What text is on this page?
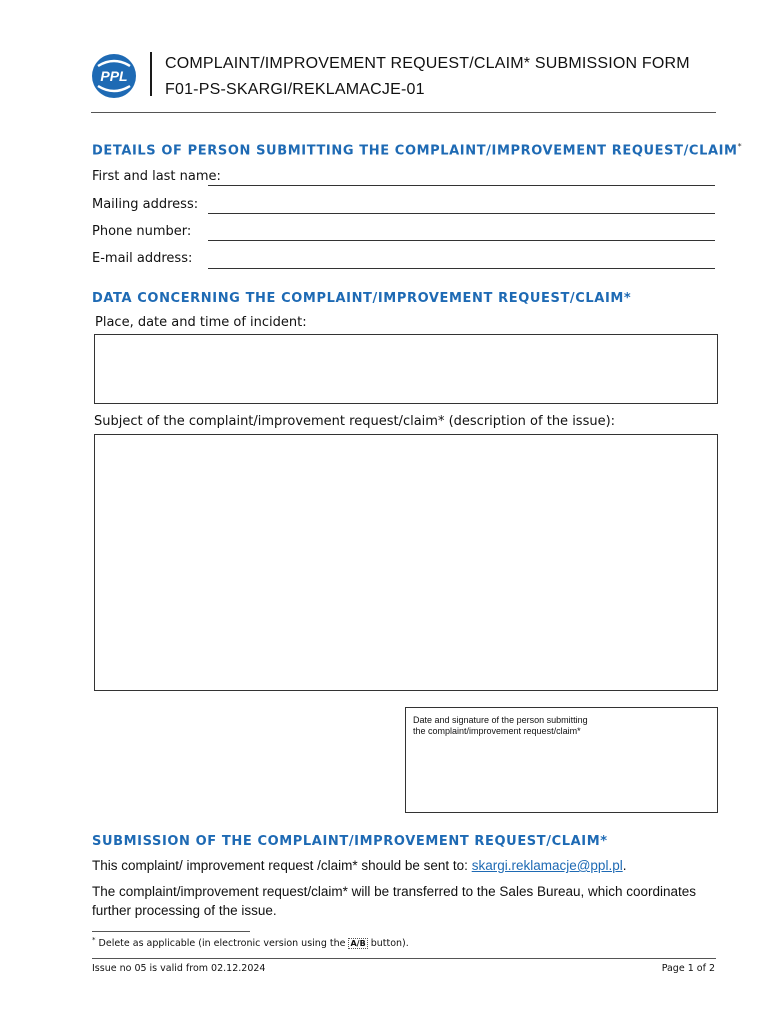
PPL
COMPLAINT/IMPROVEMENT REQUEST/CLAIM* SUBMISSION FORM
F01-PS-SKARGI/REKLAMACJE-01
DETAILS OF PERSON SUBMITTING THE COMPLAINT/IMPROVEMENT REQUEST/CLAIM*
First and last name:
Mailing address:
Phone number:
E-mail address:
DATA CONCERNING THE COMPLAINT/IMPROVEMENT REQUEST/CLAIM*
Place, date and time of incident:
Subject of the complaint/improvement request/claim* (description of the issue):
Date and signature of the person submitting
the complaint/improvement request/claim*
SUBMISSION OF THE COMPLAINT/IMPROVEMENT REQUEST/CLAIM*
This complaint/ improvement request /claim* should be sent to: skargi.reklamacje@ppl.pl.
The complaint/improvement request/claim* will be transferred to the Sales Bureau, which coordinates
further processing of the issue.
* Delete as applicable (in electronic version using the A/B button).
Issue no 05 is valid from 02.12.2024	Page 1 of 2
